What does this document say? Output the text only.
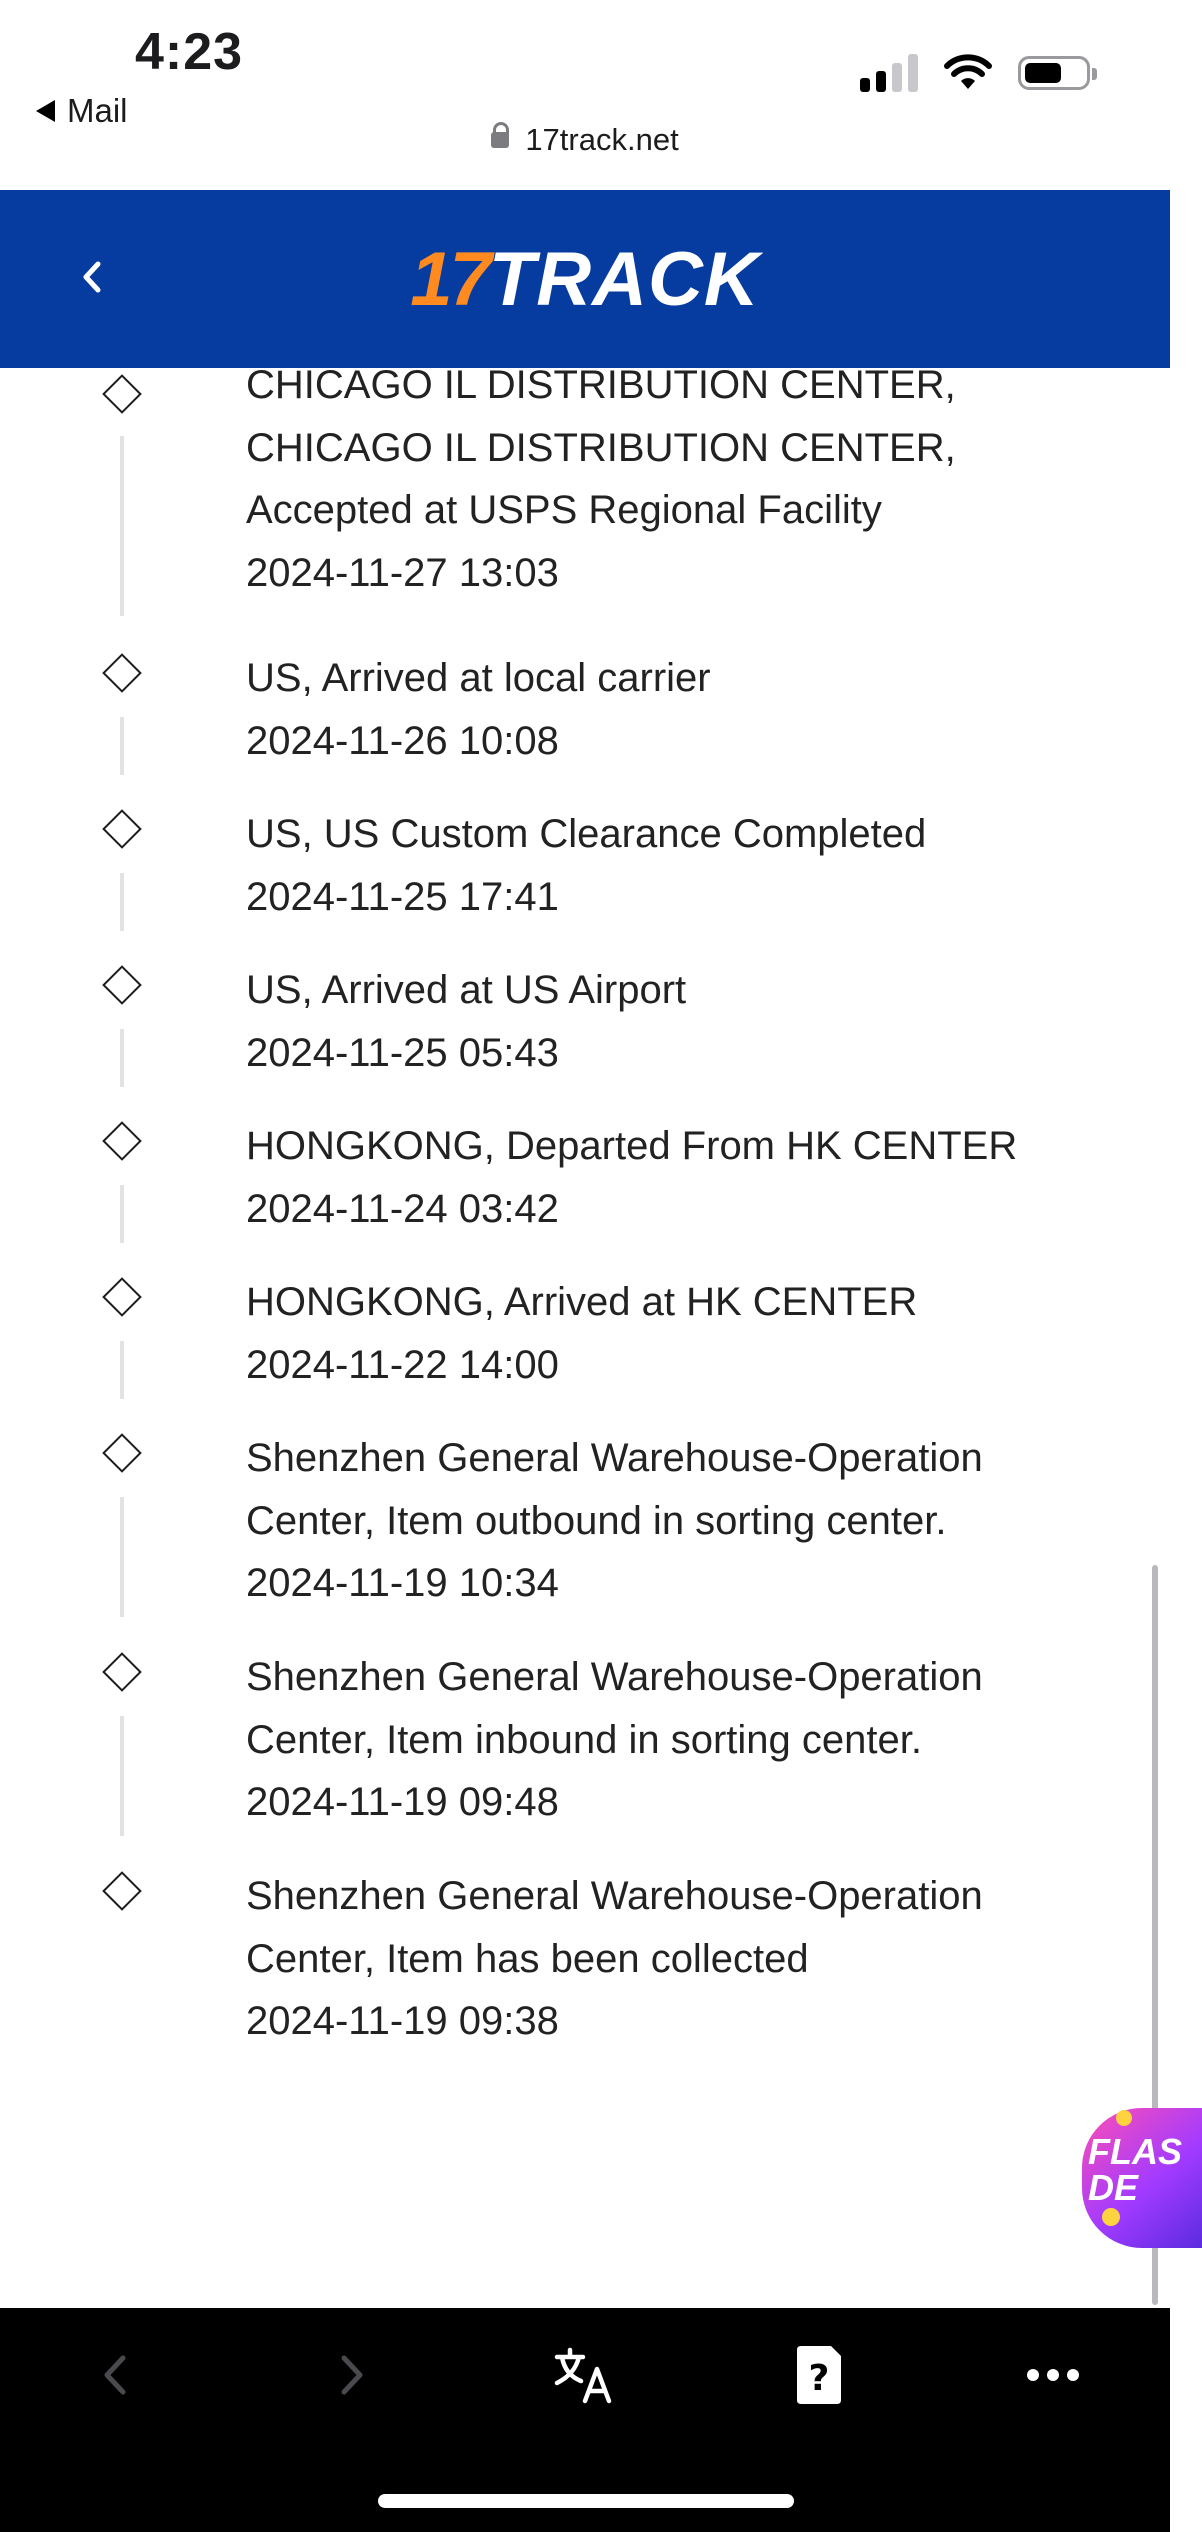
4:23
Mail
17track.net
17 TRACK

CHICAGO IL DISTRIBUTION CENTER,

CHICAGO IL DISTRIBUTION CENTER, Accepted at USPS Regional Facility

2024-11-27 13:03

US, Arrived at local carrier

2024-11-26 10:08

US, US Custom Clearance Completed

2024-11-25 17:41

US, Arrived at US Airport

2024-11-25 05:43

HONGKONG, Departed From HK CENTER

2024-11-24 03:42

HONGKONG, Arrived at HK CENTER

2024-11-22 14:00

Shenzhen General Warehouse-Operation

Center, Item outbound in sorting center.

2024-11-19 10:34

Shenzhen General Warehouse-Operation

Center, Item inbound in sorting center.

2024-11-19 09:48

Shenzhen General Warehouse-Operation

Center, Item has been collected

2024-11-19 09:38

FLAS DE
?
